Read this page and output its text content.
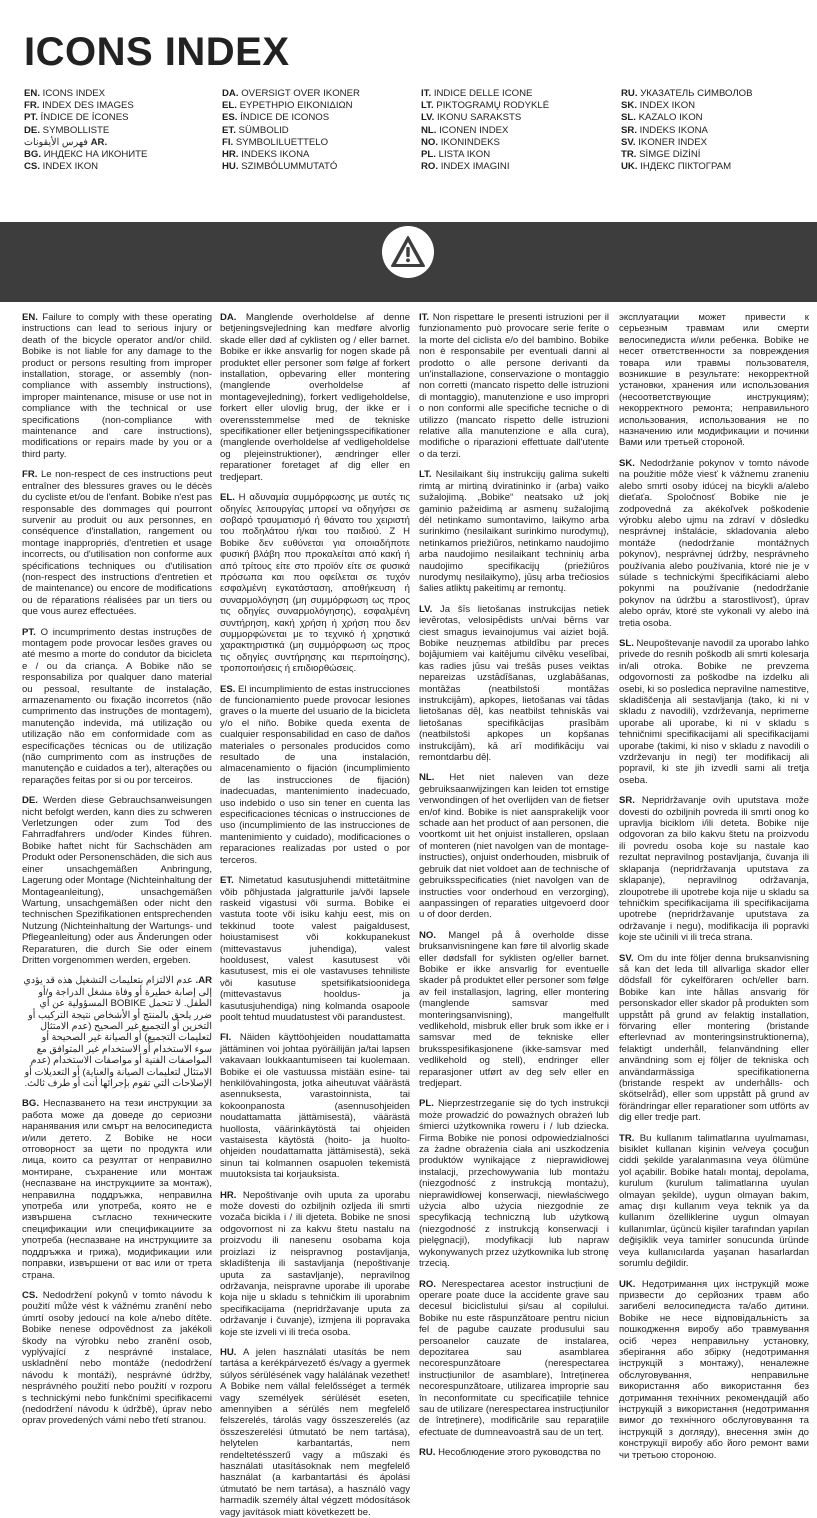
ICONS INDEX
EN. ICONS INDEX
FR. INDEX DES IMAGES
PT. ÍNDICE DE ÍCONES
DE. SYMBOLLISTE
.AR فهرس الأيقونات
BG. ИНДЕКС НА ИКОНИТЕ
CS. INDEX IKON
DA. OVERSIGT OVER IKONER
EL. ΕΥΡΕΤΗΡΙΟ ΕΙΚΟΝΙΔΙΩΝ
ES. ÍNDICE DE ICONOS
ET. SÜMBOLID
FI. SYMBOLILUETTELO
HR. INDEKS IKONA
HU. SZIMBÓLUMMUTATÓ
IT. INDICE DELLE ICONE
LT. PIKTOGRAMŲ RODYKLĖ
LV. IKONU SARAKSTS
NL. ICONEN INDEX
NO. IKONINDEKS
PL. LISTA IKON
RO. INDEX IMAGINI
RU. УКАЗАТЕЛЬ СИМВОЛОВ
SK. INDEX IKON
SL. KAZALO IKON
SR. INDEKS IKONA
SV. IKONER INDEX
TR. SİMGE DİZİNİ
UK. ІНДЕКС ПІКТОГРАМ

EN. Failure to comply with these operating instructions can lead to serious injury or death of the bicycle operator and/or child. Bobike is not liable for any damage to the product or persons resulting from improper installation, storage, or assembly (non-compliance with assembly instructions), improper maintenance, misuse or use not in compliance with the technical or use specifications (non-compliance with maintenance and care instructions), modifications or repairs made by you or a third party.

FR. Le non-respect de ces instructions peut entraîner des blessures graves ou le décès du cycliste et/ou de l'enfant. Bobike n'est pas responsable des dommages qui pourront survenir au produit ou aux personnes, en conséquence d'installation, rangement ou montage inappropriés, d'entretien et usage incorrects, ou d'utilisation non conforme aux spécifications techniques ou d'utilisation (non-respect des instructions d'entretien et de maintenance) ou encore de modifications ou de réparations réalisées par un tiers ou que vous aurez effectuées.

PT. O incumprimento destas instruções de montagem pode provocar lesões graves ou até mesmo a morte do condutor da bicicleta e / ou da criança. A Bobike não se responsabiliza por qualquer dano material ou pessoal, resultante de instalação, armazenamento ou fixação incorretos (não cumprimento das instruções de montagem), manutenção indevida, má utilização ou utilização não em conformidade com as especificações técnicas ou de utilização (não cumprimento com as instruções de manutenção e cuidados a ter), alterações ou reparações feitas por si ou por terceiros.

DE. Werden diese Gebrauchsanweisungen nicht befolgt werden, kann dies zu schweren Verletzungen oder zum Tod des Fahrradfahrers und/oder Kindes führen. Bobike haftet nicht für Sachschäden am Produkt oder Personenschäden, die sich aus einer unsachgemäßen Anbringung, Lagerung oder Montage (Nichteinhaltung der Montageanleitung), unsachgemäßen Wartung, unsachgemäßen oder nicht den technischen Spezifikationen entsprechenden Nutzung (Nichteinhaltung der Wartungs- und Pflegeanleitung) oder aus Änderungen oder Reparaturen, die durch Sie oder einem Dritten vorgenommen werden, ergeben.

AR. عدم الالتزام بتعليمات التشغيل هذه قد يؤدي إلى إصابة خطيرة أو وفاة مشغل الدراجة و/أو الطفل. لا تتحمل BOBIKE المسؤولية عن أي ضرر يلحق بالمنتج أو الأشخاص نتيجة التركيب أو التخزين أو التجميع غير الصحيح (عدم الامتثال لتعليمات التجميع) أو الصيانة غير الصحيحة أو سوء الاستخدام أو الاستخدام غير المتوافق مع المواصفات الفنية أو مواصفات الاستخدام (عدم الامتثال لتعليمات الصيانة والعناية) أو التعديلات أو الإصلاحات التي تقوم بإجرائها أنت أو طرف ثالث.

BG. Неспазването на тези инструкции за работа може да доведе до сериозни наранявания или смърт на велосипедиста и/или детето. Z Bobike не носи отговорност за щети по продукта или лица, които са резултат от неправилно монтиране, съхранение или монтаж (неспазване на инструкциите за монтаж), неправилна поддръжка, неправилна употреба или употреба, която не е извършена съгласно техническите спецификации или спецификациите за употреба (неспазване на инструкциите за поддръжка и грижа), модификации или поправки, извършени от вас или от трета страна.

CS. Nedodržení pokynů v tomto návodu k použití může vést k vážnému zranění nebo úmrtí osoby jedoucí na kole a/nebo dítěte. Bobike nenese odpovědnost za jakékoli škody na výrobku nebo zranění osob, vyplývající z nesprávné instalace, uskladnění nebo montáže (nedodržení návodu k montáži), nesprávné údržby, nesprávného použití nebo použití v rozporu s technickými nebo funkčními specifikacemi (nedodržení návodu k údržbě), úprav nebo oprav provedených vámi nebo třetí stranou.

DA. Manglende overholdelse af denne betjeningsvejledning kan medføre alvorlig skade eller død af cyklisten og / eller barnet. Bobike er ikke ansvarlig for nogen skade på produktet eller personer som følge af forkert installation, opbevaring eller montering (manglende overholdelse af montagevejledning), forkert vedligeholdelse, forkert eller ulovlig brug, der ikke er i overensstemmelse med de tekniske specifikationer eller betjeningsspecifikationer (manglende overholdelse af vedligeholdelse og plejeinstruktioner), ændringer eller reparationer foretaget af dig eller en tredjepart.

EL. Η αδυναμία συμμόρφωσης με αυτές τις οδηγίες λειτουργίας μπορεί να οδηγήσει σε σοβαρό τραυματισμό ή θάνατο του χειριστή του ποδηλάτου ή/και του παιδιού. Z Η Bobike δεν ευθύνεται για οποιαδήποτε φυσική βλάβη που προκαλείται από κακή ή από τρίτους είτε στο προϊόν είτε σε φυσικά πρόσωπα και που οφείλεται σε τυχόν εσφαλμένη εγκατάσταση, αποθήκευση ή συναρμολόγηση (μη συμμόρφωση ως προς τις οδηγίες συναρμολόγησης), εσφαλμένη συντήρηση, κακή χρήση ή χρήση που δεν συμμορφώνεται με το τεχνικό ή χρηστικά χαρακτηριστικά (μη συμμόρφωση ως προς τις οδηγίες συντήρησης και περιποίησης), τροποποιήσεις ή επιδιορθώσεις.

ES. El incumplimiento de estas instrucciones de funcionamiento puede provocar lesiones graves o la muerte del usuario de la bicicleta y/o el niño. Bobike queda exenta de cualquier responsabilidad en caso de daños materiales o personales producidos como resultado de una instalación, almacenamiento o fijación (incumplimiento de las instrucciones de fijación) inadecuadas, mantenimiento inadecuado, uso indebido o uso sin tener en cuenta las especificaciones técnicas o instrucciones de uso (incumplimiento de las instrucciones de mantenimiento y cuidado), modificaciones o reparaciones realizadas por usted o por terceros.

ET. Nimetatud kasutusjuhendi mittetäitmine võib põhjustada jalgratturile ja/või lapsele raskeid vigastusi või surma. Bobike ei vastuta toote või isiku kahju eest, mis on tekkinud toote valest paigaldusest, hoiustamisest või kokkupanekust (mittevastavus juhendiga), valest hooldusest, valest kasutusest või kasutusest, mis ei ole vastavuses tehniliste või kasutuse spetsifikatsioonidega (mittevastavus hooldus- ja kasutusjuhendiga) ning kolmanda osapoole poolt tehtud muudatustest või parandustest.

FI. Näiden käyttöohjeiden noudattamatta jättäminen voi johtaa pyöräilijän ja/tai lapsen vakavaan loukkaantumiseen tai kuolemaan. Bobike ei ole vastuussa mistään esine- tai henkilövahingosta, jotka aiheutuvat väärästä asennuksesta, varastoinnista, tai kokoonpanosta (asennusohjeiden noudattamatta jättämisestä), väärästä huollosta, väärinkäytöstä tai ohjeiden vastaisesta käytöstä (hoito- ja huolto-ohjeiden noudattamatta jättämisestä), sekä sinun tai kolmannen osapuolen tekemistä muutoksista tai korjauksista.

HR. Nepoštivanje ovih uputa za uporabu može dovesti do ozbiljnih ozljeda ili smrti vozača bicikla i / ili djeteta. Bobike ne snosi odgovornost ni za kakvu štetu nastalu na proizvodu ili nanesenu osobama koja proizlazi iz neispravnog postavljanja, skladištenja ili sastavljanja (nepoštivanje uputa za sastavljanje), nepravilnog održavanja, neispravne uporabe ili uporabe koja nije u skladu s tehničkim ili uporabnim specifikacijama (nepridržavanje uputa za održavanje i čuvanje), izmjena ili popravaka koje ste izveli vi ili treća osoba.

HU. A jelen használati utasítás be nem tartása a kerékpárvezető és/vagy a gyermek súlyos sérülésének vagy halálának vezethet! A Bobike nem vállal felelősséget a termék vagy személyek sérülését eseten, amennyiben a sérülés nem megfelelő felszerelés, tárolás vagy összeszerelés (az összeszerelési útmutató be nem tartása), helytelen karbantartás, nem rendeltetésszerű vagy a műszaki és használati utasításoknak nem megfelelő használat (a karbantartási és ápolási útmutató be nem tartása), a használó vagy harmadik személy által végzett módosítások vagy javítások miatt következett be.

IT. Non rispettare le presenti istruzioni per il funzionamento può provocare serie ferite o la morte del ciclista e/o del bambino. Bobike non è responsabile per eventuali danni al prodotto o alle persone derivanti da un'installazione, conservazione o montaggio non corretti (mancato rispetto delle istruzioni di montaggio), manutenzione e uso impropri o non conformi alle specifiche tecniche o di utilizzo (mancato rispetto delle istruzioni relative alla manutenzione e alla cura), modifiche o riparazioni effettuate dall'utente o da terzi.

LT. Nesilaikant šių instrukcijų galima sukelti rimtą ar mirtiną dviratininko ir (arba) vaiko sužalojimą. „Bobike“ neatsako už jokį gaminio pažeidimą ar asmenų sužalojimą dėl netinkamo sumontavimo, laikymo arba surinkimo (nesilaikant surinkimo nurodymų), netinkamos priežiūros, netinkamo naudojimo arba naudojimo nesilaikant techninių arba naudojimo specifikacijų (priežiūros nurodymų nesilaikymo), jūsų arba trečiosios šalies atliktų pakeitimų ar remontų.

LV. Ja šīs lietošanas instrukcijas netiek ievērotas, velosipēdists un/vai bērns var ciest smagus ievainojumus vai aiziet bojā. Bobike neuzņemas atbildību par preces bojājumiem vai kaitējumu cilvēku veselībai, kas radies jūsu vai trešās puses veiktas nepareizas uzstādīšanas, uzglabāšanas, montāžas (neatbilstoši montāžas instrukcijām), apkopes, lietošanas vai tādas lietošanas dēļ, kas neatbilst tehniskās vai lietošanas specifikācijas prasībām (neatbilstoši apkopes un kopšanas instrukcijām), kā arī modifikāciju vai remontdarbu dēļ.

NL. Het niet naleven van deze gebruiksaanwijzingen kan leiden tot ernstige verwondingen of het overlijden van de fietser en/of kind. Bobike is niet aansprakelijk voor schade aan het product of aan personen, die voortkomt uit het onjuist installeren, opslaan of monteren (niet navolgen van de montage-instructies), onjuist onderhouden, misbruik of gebruik dat niet voldoet aan de technische of gebruiksspecificaties (niet navolgen van de instructies voor onderhoud en verzorging), aanpassingen of reparaties uitgevoerd door u of door derden.

NO. Mangel på å overholde disse bruksanvisningene kan føre til alvorlig skade eller dødsfall for syklisten og/eller barnet. Bobike er ikke ansvarlig for eventuelle skader på produktet eller personer som følge av feil installasjon, lagring, eller montering (manglende samsvar med monteringsanvisning), mangelfullt vedlikehold, misbruk eller bruk som ikke er i samsvar med de tekniske eller bruksspesifikasjonene (ikke-samsvar med vedlikehold og stell), endringer eller reparasjoner utført av deg selv eller en tredjepart.

PL. Nieprzestrzeganie się do tych instrukcji może prowadzić do poważnych obrażeń lub śmierci użytkownika roweru i / lub dziecka. Firma Bobike nie ponosi odpowiedzialności za żadne obrażenia ciała ani uszkodzenia produktów wynikające z nieprawidłowej instalacji, przechowywania lub montażu (niezgodność z instrukcją montażu), nieprawidłowej konserwacji, niewłaściwego użycia albo użycia niezgodnie ze specyfikacją techniczną lub użytkową (niezgodność z instrukcją konserwacji i pielęgnacji), modyfikacji lub napraw wykonywanych przez użytkownika lub stronę trzecią.

RO. Nerespectarea acestor instrucțiuni de operare poate duce la accidente grave sau decesul biciclistului și/sau al copilului. Bobike nu este răspunzătoare pentru niciun fel de pagube cauzate produsului sau persoanelor cauzate de instalarea, depozitarea sau asamblarea necorespunzătoare (nerespectarea instrucțiunilor de asamblare), întreținerea necorespunzătoare, utilizarea improprie sau în neconformitate cu specificațiile tehnice sau de utilizare (nerespectarea instrucțiunilor de întreținere), modificările sau reparațiile efectuate de dumneavoastră sau de un terț.

RU. Несоблюдение этого руководства по

эксплуатации может привести к серьезным травмам или смерти велосипедиста и/или ребенка. Bobike не несет ответственности за повреждения товара или травмы пользователя, возникшие в результате: некорректной установки, хранения или использования (несоответствующие инструкциям); некорректного ремонта; неправильного использования, использования не по назначению или модификации и починки Вами или третьей стороной.

SK. Nedodržanie pokynov v tomto návode na použitie môže viesť k vážnemu zraneniu alebo smrti osoby idúcej na bicykli a/alebo dieťaťa. Spoločnosť Bobike nie je zodpovedná za akékoľvek poškodenie výrobku alebo ujmu na zdraví v dôsledku nesprávnej inštalácie, skladovania alebo montáže (nedodržanie montážnych pokynov), nesprávnej údržby, nesprávneho používania alebo používania, ktoré nie je v súlade s technickými špecifikáciami alebo pokynmi na používanie (nedodržanie pokynov na údržbu a starostlivosť), úprav alebo opráv, ktoré ste vykonali vy alebo iná tretia osoba.

SL. Neupoštevanje navodil za uporabo lahko privede do resnih poškodb ali smrti kolesarja in/ali otroka. Bobike ne prevzema odgovornosti za poškodbe na izdelku ali osebi, ki so posledica nepravilne namestitve, skladiščenja ali sestavljanja (tako, ki ni v skladu z navodili), vzdrževanja, neprimerne uporabe ali uporabe, ki ni v skladu s tehničnimi specifikacijami ali specifikacijami uporabe (takimi, ki niso v skladu z navodili o vzdrževanju in negi) ter modifikacij ali popravil, ki ste jih izvedli sami ali tretja oseba.

SR. Nepridržavanje ovih uputstava može dovesti do ozbiljnih povreda ili smrti onog ko upravlja biciklom i/ili deteta. Bobike nije odgovoran za bilo kakvu štetu na proizvodu ili povredu osoba koje su nastale kao rezultat nepravilnog postavljanja, čuvanja ili sklapanja (nepridržavanja uputstava za sklapanje), nepravilnog održavanja, zloupotrebe ili upotrebe koja nije u skladu sa tehničkim specifikacijama ili specifikacijama upotrebe (nepridržavanje uputstava za održavanje i negu), modifikacija ili popravki koje ste učinili vi ili treća strana.

SV. Om du inte följer denna bruksanvisning så kan det leda till allvarliga skador eller dödsfall för cykelföraren och/eller barn. Bobike kan inte hållas ansvarig för personskador eller skador på produkten som uppstått på grund av felaktig installation, förvaring eller montering (bristande efterlevnad av monteringsinstruktionerna), felaktigt underhåll, felanvändning eller användning som ej följer de tekniska och användarmässiga specifikationerna (bristande respekt av underhålls- och skötselråd), eller som uppstått på grund av förändringar eller reparationer som utförts av dig eller tredje part.

TR. Bu kullanım talimatlarına uyulmaması, bisiklet kullanan kişinin ve/veya çocuğun ciddi şekilde yaralanmasına veya ölümüne yol açabilir. Bobike hatalı montaj, depolama, kurulum (kurulum talimatlarına uyulan olmayan şekilde), uygun olmayan bakım, amaç dışı kullanım veya teknik ya da kullanım özelliklerine uygun olmayan kullanımlar, üçüncü kişiler tarafından yapılan değişiklik veya tamirler sonucunda üründe veya kullanıcılarda yaşanan hasarlardan sorumlu değildir.

UK. Недотримання цих інструкцій може призвести до серйозних травм або загибелі велосипедиста та/або дитини. Bobike не несе відповідальність за пошкодження виробу або травмування осіб через неправильну установку, зберігання або збірку (недотримання інструкцій з монтажу), неналежне обслуговування, неправильне використання або використання без дотримання технічних рекомендацій або інструкцій з використання (недотримання вимог до технічного обслуговування та інструкцій з догляду), внесення змін до конструкції виробу або його ремонт вами чи третьою стороною.
